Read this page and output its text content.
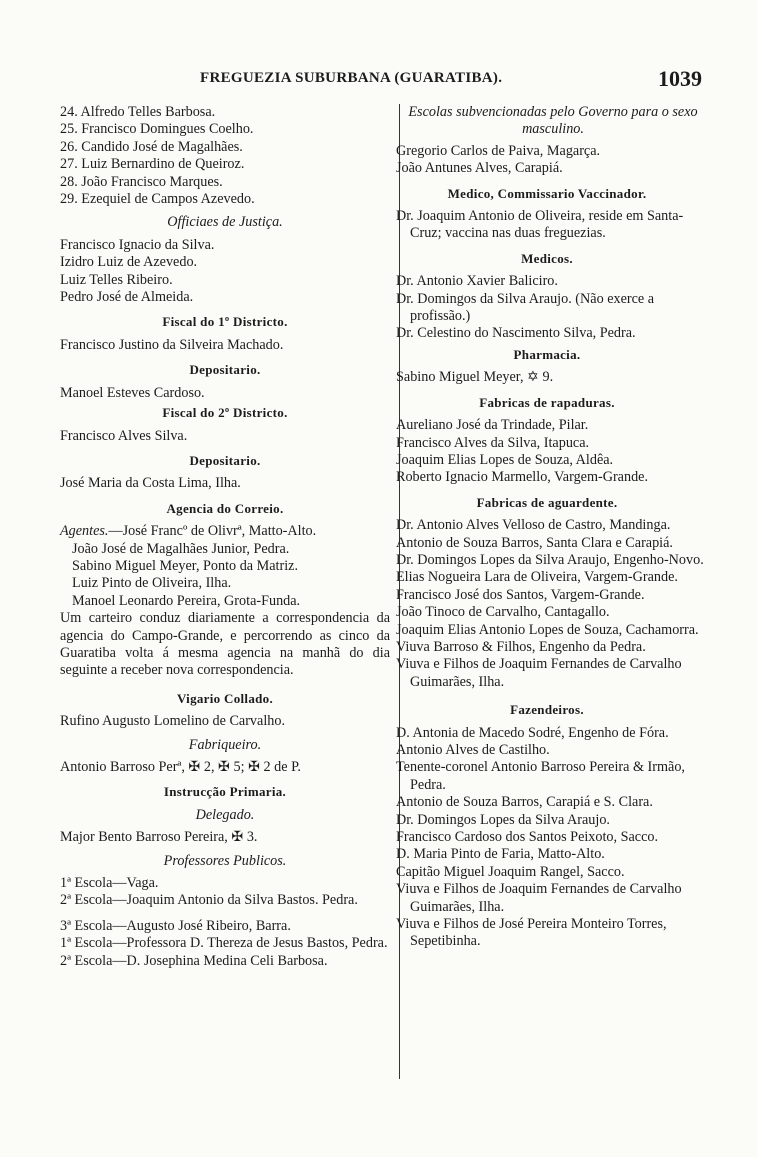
FREGUEZIA SUBURBANA (GUARATIBA).	1039
24. Alfredo Telles Barbosa.
25. Francisco Domingues Coelho.
26. Candido José de Magalhães.
27. Luiz Bernardino de Queiroz.
28. João Francisco Marques.
29. Ezequiel de Campos Azevedo.
Officiaes de Justiça.
Francisco Ignacio da Silva.
Izidro Luiz de Azevedo.
Luiz Telles Ribeiro.
Pedro José de Almeida.
Fiscal do 1º Districto.
Francisco Justino da Silveira Machado.
Depositario.
Manoel Esteves Cardoso.
Fiscal do 2º Districto.
Francisco Alves Silva.
Depositario.
José Maria da Costa Lima, Ilha.
Agencia do Correio.
Agentes.—José Francº de Olivrª, Matto-Alto.
João José de Magalhães Junior, Pedra.
Sabino Miguel Meyer, Ponto da Matriz.
Luiz Pinto de Oliveira, Ilha.
Manoel Leonardo Pereira, Grota-Funda.
Um carteiro conduz diariamente a correspondencia da agencia do Campo-Grande, e percorrendo as cinco da Guaratiba volta á mesma agencia na manhã do dia seguinte a receber nova correspondencia.
Vigario Collado.
Rufino Augusto Lomelino de Carvalho.
Fabriqueiro.
Antonio Barroso Perª, ✠ 2, ✠ 5; ✠ 2 de P.
Instrucção Primaria.
Delegado.
Major Bento Barroso Pereira, ✠ 3.
Professores Publicos.
1ª Escola—Vaga.
2ª Escola—Joaquim Antonio da Silva Bastos. Pedra.
3ª Escola—Augusto José Ribeiro, Barra.
1ª Escola—Professora D. Thereza de Jesus Bastos, Pedra.
2ª Escola—D. Josephina Medina Celi Barbosa.
Escolas subvencionadas pelo Governo para o sexo masculino.
Gregorio Carlos de Paiva, Magarça.
João Antunes Alves, Carapiá.
Medico, Commissario Vaccinador.
Dr. Joaquim Antonio de Oliveira, reside em Santa-Cruz; vaccina nas duas freguezias.
Medicos.
Dr. Antonio Xavier Baliciro.
Dr. Domingos da Silva Araujo. (Não exerce a profissão.)
Dr. Celestino do Nascimento Silva, Pedra.
Pharmacia.
Sabino Miguel Meyer, ✡ 9.
Fabricas de rapaduras.
Aureliano José da Trindade, Pilar.
Francisco Alves da Silva, Itapuca.
Joaquim Elias Lopes de Souza, Aldêa.
Roberto Ignacio Marmello, Vargem-Grande.
Fabricas de aguardente.
Dr. Antonio Alves Velloso de Castro, Mandinga.
Antonio de Souza Barros, Santa Clara e Carapiá.
Dr. Domingos Lopes da Silva Araujo, Engenho-Novo.
Elias Nogueira Lara de Oliveira, Vargem-Grande.
Francisco José dos Santos, Vargem-Grande.
João Tinoco de Carvalho, Cantagallo.
Joaquim Elias Antonio Lopes de Souza, Cachamorra.
Viuva Barroso & Filhos, Engenho da Pedra.
Viuva e Filhos de Joaquim Fernandes de Carvalho Guimarães, Ilha.
Fazendeiros.
D. Antonia de Macedo Sodré, Engenho de Fóra.
Antonio Alves de Castilho.
Tenente-coronel Antonio Barroso Pereira & Irmão, Pedra.
Antonio de Souza Barros, Carapiá e S. Clara.
Dr. Domingos Lopes da Silva Araujo.
Francisco Cardoso dos Santos Peixoto, Sacco.
D. Maria Pinto de Faria, Matto-Alto.
Capitão Miguel Joaquim Rangel, Sacco.
Viuva e Filhos de Joaquim Fernandes de Carvalho Guimarães, Ilha.
Viuva e Filhos de José Pereira Monteiro Torres, Sepetibinha.
